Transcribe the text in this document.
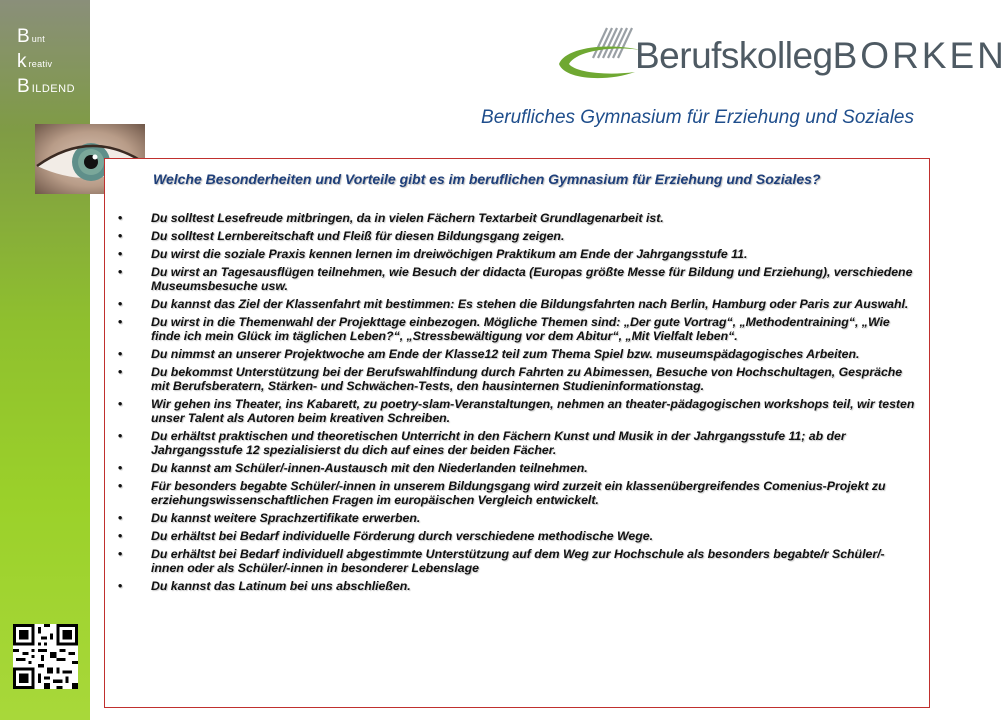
B unt
k reativ
B ILDEND
BerufskollegBORKEN
Berufliches Gymnasium für Erziehung und Soziales
Welche Besonderheiten und Vorteile gibt es im beruflichen Gymnasium für Erziehung und Soziales?
• Du solltest Lesefreude mitbringen, da in vielen Fächern Textarbeit Grundlagenarbeit ist.
• Du solltest Lernbereitschaft und Fleiß für diesen Bildungsgang zeigen.
• Du wirst die soziale Praxis kennen lernen im dreiwöchigen Praktikum am Ende der Jahrgangsstufe 11.
• Du wirst an Tagesausflügen teilnehmen, wie Besuch der didacta (Europas größte Messe für Bildung und Erziehung), verschiedene Museumsbesuche usw.
• Du kannst das Ziel der Klassenfahrt mit bestimmen: Es stehen die Bildungsfahrten nach Berlin, Hamburg oder Paris zur Auswahl.
• Du wirst in die Themenwahl der Projekttage einbezogen. Mögliche Themen sind: „Der gute Vortrag“, „Methodentraining“, „Wie finde ich mein Glück im täglichen Leben?“, „Stressbewältigung vor dem Abitur“, „Mit Vielfalt leben“.
• Du nimmst an unserer Projektwoche am Ende der Klasse12 teil zum Thema Spiel bzw. museumspädagogisches Arbeiten.
• Du bekommst Unterstützung bei der Berufswahlfindung durch Fahrten zu Abimessen, Besuche von Hochschultagen, Gespräche mit Berufsberatern, Stärken- und Schwächen-Tests, den hausinternen Studieninformationstag.
• Wir gehen ins Theater, ins Kabarett, zu poetry-slam-Veranstaltungen, nehmen an theater-pädagogischen workshops teil, wir testen unser Talent als Autoren beim kreativen Schreiben.
• Du erhältst praktischen und theoretischen Unterricht in den Fächern Kunst und Musik in der Jahrgangsstufe 11; ab der Jahrgangsstufe 12 spezialisierst du dich auf eines der beiden Fächer.
• Du kannst am Schüler/-innen-Austausch mit den Niederlanden teilnehmen.
• Für besonders begabte Schüler/-innen in unserem Bildungsgang wird zurzeit ein klassenübergreifendes Comenius-Projekt zu erziehungswissenschaftlichen Fragen im europäischen Vergleich entwickelt.
• Du kannst weitere Sprachzertifikate erwerben.
• Du erhältst bei Bedarf individuelle Förderung durch verschiedene methodische Wege.
• Du erhältst bei Bedarf individuell abgestimmte Unterstützung auf dem Weg zur Hochschule als besonders begabte/r Schüler/-innen oder als Schüler/-innen in besonderer Lebenslage
• Du kannst das Latinum bei uns abschließen.
